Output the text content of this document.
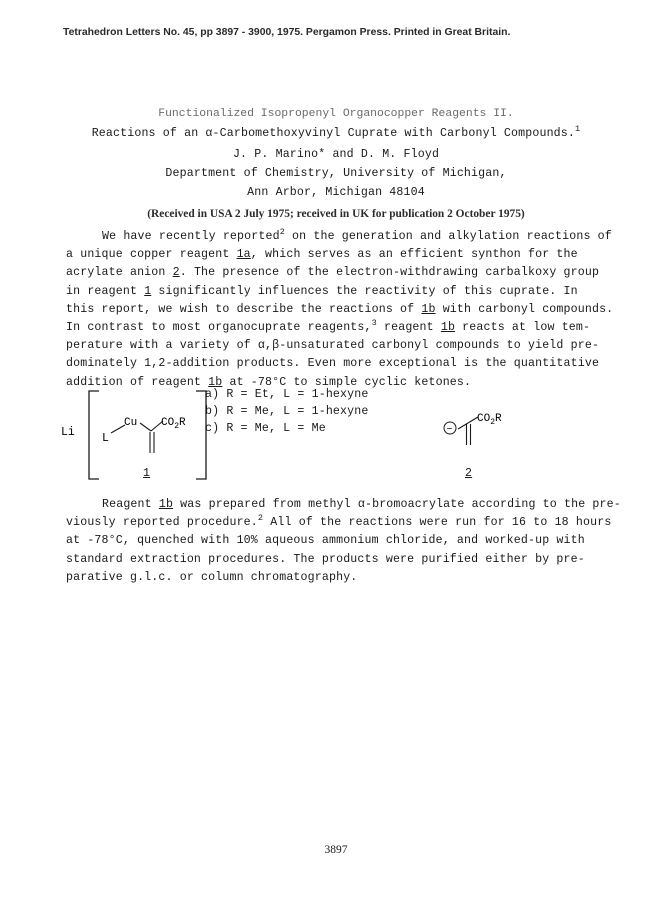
Tetrahedron Letters No. 45, pp 3897 - 3900, 1975. Pergamon Press. Printed in Great Britain.
Functionalized Isopropenyl Organocopper Reagents II.
Reactions of an α-Carbomethoxyvinyl Cuprate with Carbonyl Compounds.$^1$
J. P. Marino* and D. M. Floyd
Department of Chemistry, University of Michigan,
Ann Arbor, Michigan 48104
(Received in USA 2 July 1975; received in UK for publication 2 October 1975)

We have recently reported$^2$ on the generation and alkylation reactions of

a unique copper reagent 1a, which serves as an efficient synthon for the

acrylate anion 2. The presence of the electron-withdrawing carbalkoxy group

in reagent 1 significantly influences the reactivity of this cuprate. In

this report, we wish to describe the reactions of 1b with carbonyl compounds.

In contrast to most organocuprate reagents,$^3$ reagent 1b reacts at low tem-

perature with a variety of α,β-unsaturated carbonyl compounds to yield pre-

dominately 1,2-addition products. Even more exceptional is the quantitative

addition of reagent 1b at -78°C to simple cyclic ketones.

Li L
Cu $CO_2R$
a) R = Et, L = 1-hexyne
b) R = Me, L = 1-hexyne
c) R = Me, L = Me	−
$CO_2R$
1	2

Reagent 1b was prepared from methyl α-bromoacrylate according to the pre-

viously reported procedure.$^2$ All of the reactions were run for 16 to 18 hours

at -78°C, quenched with 10% aqueous ammonium chloride, and worked-up with

standard extraction procedures. The products were purified either by pre-

parative g.l.c. or column chromatography.

3897
